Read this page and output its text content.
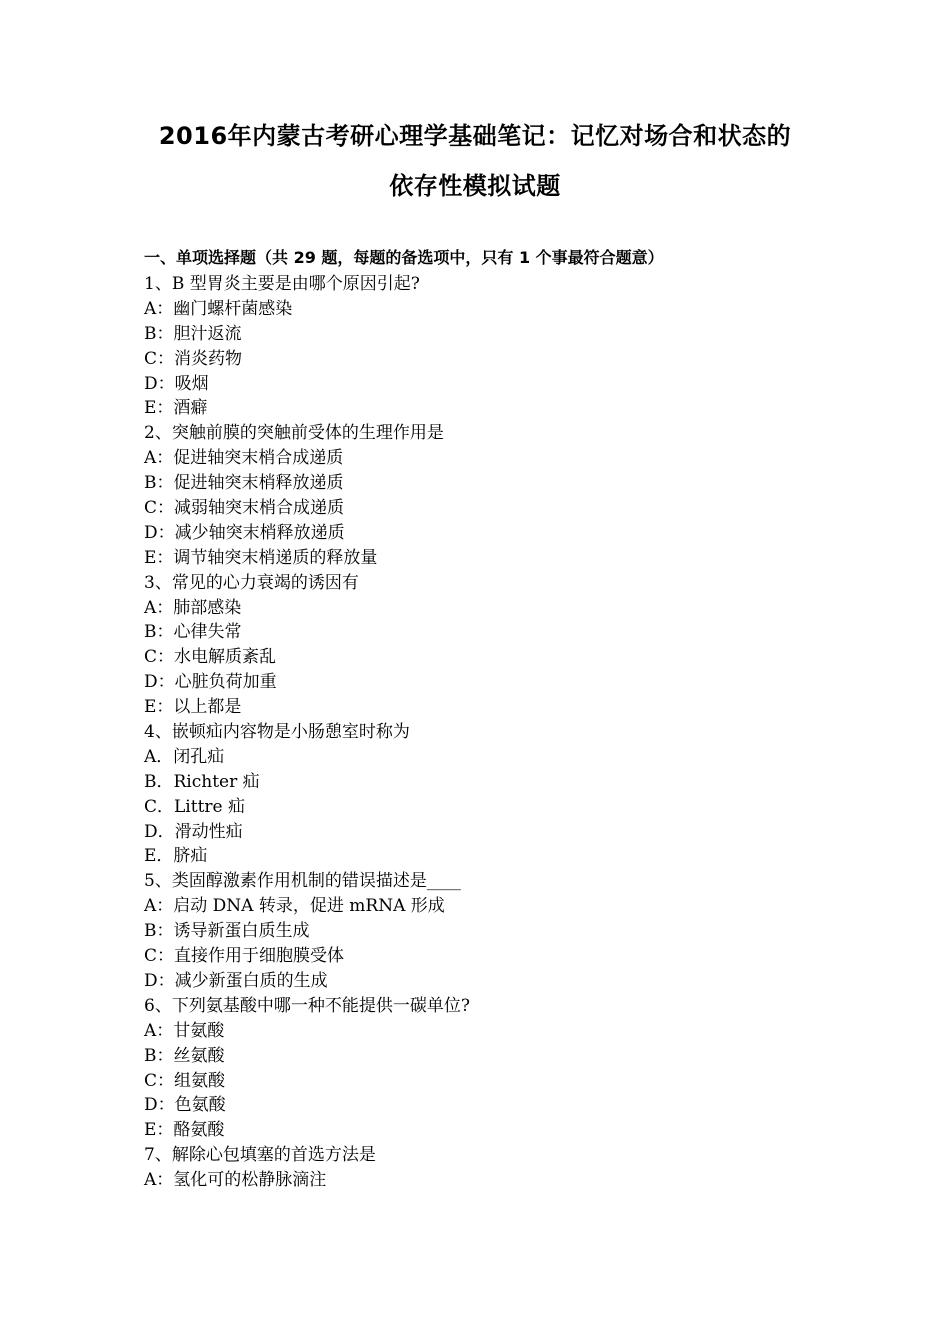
2016年内蒙古考研心理学基础笔记：记忆对场合和状态的
依存性模拟试题
一、单项选择题（共 29 题，每题的备选项中，只有 1 个事最符合题意）
1、B 型胃炎主要是由哪个原因引起?
A：幽门螺杆菌感染
B：胆汁返流
C：消炎药物
D：吸烟
E：酒癖
2、突触前膜的突触前受体的生理作用是
A：促进轴突末梢合成递质
B：促进轴突末梢释放递质
C：减弱轴突末梢合成递质
D：减少轴突末梢释放递质
E：调节轴突末梢递质的释放量
3、常见的心力衰竭的诱因有
A：肺部感染
B：心律失常
C：水电解质紊乱
D：心脏负荷加重
E：以上都是
4、嵌顿疝内容物是小肠憩室时称为
A．闭孔疝
B．Richter 疝
C．Littre 疝
D．滑动性疝
E．脐疝
5、类固醇激素作用机制的错误描述是____
A：启动 DNA 转录，促进 mRNA 形成
B：诱导新蛋白质生成
C：直接作用于细胞膜受体
D：减少新蛋白质的生成
6、下列氨基酸中哪一种不能提供一碳单位?
A：甘氨酸
B：丝氨酸
C：组氨酸
D：色氨酸
E：酪氨酸
7、解除心包填塞的首选方法是
A：氢化可的松静脉滴注
